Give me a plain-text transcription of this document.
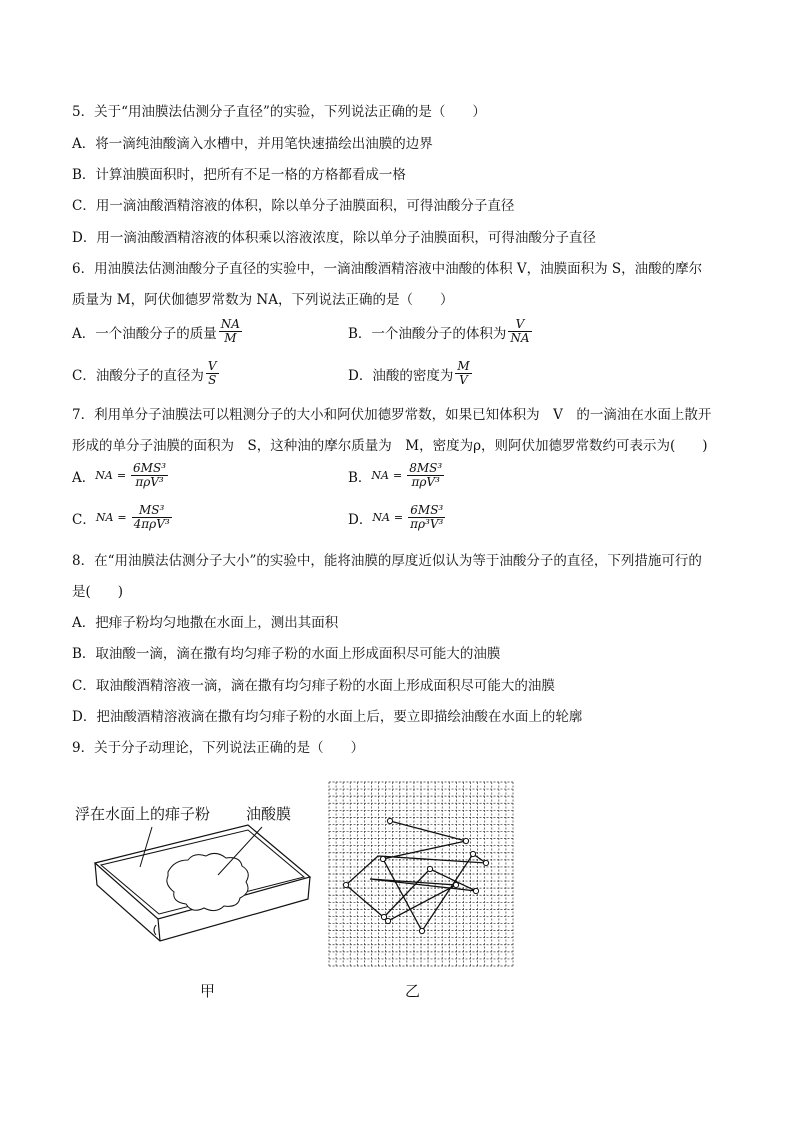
5．关于“用油膜法估测分子直径”的实验，下列说法正确的是（　　）
A．将一滴纯油酸滴入水槽中，并用笔快速描绘出油膜的边界
B．计算油膜面积时，把所有不足一格的方格都看成一格
C．用一滴油酸酒精溶液的体积，除以单分子油膜面积，可得油酸分子直径
D．用一滴油酸酒精溶液的体积乘以溶液浓度，除以单分子油膜面积，可得油酸分子直径
6．用油膜法估测油酸分子直径的实验中，一滴油酸酒精溶液中油酸的体积 V，油膜面积为 S，油酸的摩尔
质量为 M，阿伏伽德罗常数为 NA，下列说法正确的是（　　）
A．一个油酸分子的质量 $\frac{NA}{M}$	B．一个油酸分子的体积为 $\frac{V}{NA}$
C．油酸分子的直径为 $\frac{V}{S}$	D．油酸的密度为 $\frac{M}{V}$
7．利用单分子油膜法可以粗测分子的大小和阿伏加德罗常数，如果已知体积为　V　的一滴油在水面上散开
形成的单分子油膜的面积为　S，这种油的摩尔质量为　M，密度为ρ，则阿伏加德罗常数约可表示为(　　)
A． NA = $\frac{\text{6MS³}}{\text{πρV³}}$	B． NA = $\frac{\text{8MS³}}{\text{πρV³}}$
C． NA = $\frac{\text{MS³}}{\text{4πρV³}}$	D． NA = $\frac{\text{6MS³}}{\text{πρ³V³}}$
8．在“用油膜法估测分子大小”的实验中，能将油膜的厚度近似认为等于油酸分子的直径，下列措施可行的
是(　　)
A．把痱子粉均匀地撒在水面上，测出其面积
B．取油酸一滴，滴在撒有均匀痱子粉的水面上形成面积尽可能大的油膜
C．取油酸酒精溶液一滴，滴在撒有均匀痱子粉的水面上形成面积尽可能大的油膜
D．把油酸酒精溶液滴在撒有均匀痱子粉的水面上后，要立即描绘油酸在水面上的轮廓
9．关于分子动理论，下列说法正确的是（　　）
浮在水面上的痱子粉 油酸膜
甲	乙
